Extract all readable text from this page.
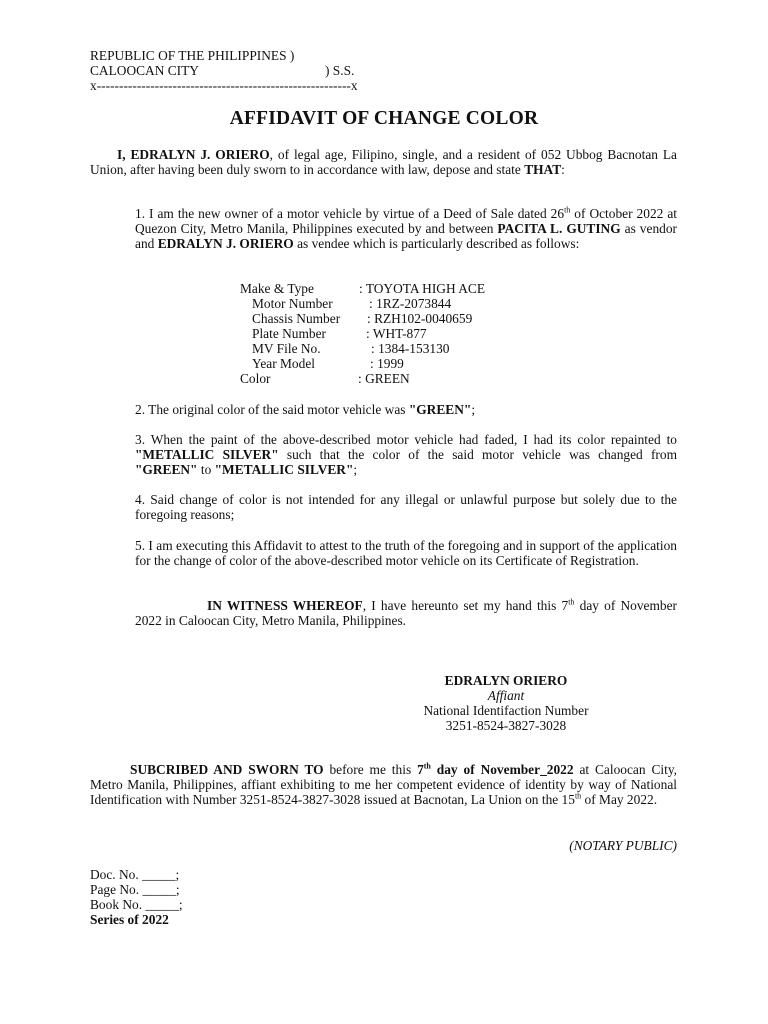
REPUBLIC OF THE PHILIPPINES )
CALOOCAN CITY	) S.S.
x---------------------------------------------------------x
AFFIDAVIT OF CHANGE COLOR
I, EDRALYN J. ORIERO, of legal age, Filipino, single, and a resident of 052 Ubbog Bacnotan La Union, after having been duly sworn to in accordance with law, depose and state THAT:
1. I am the new owner of a motor vehicle by virtue of a Deed of Sale dated 26th of October 2022 at Quezon City, Metro Manila, Philippines executed by and between PACITA L. GUTING as vendor and EDRALYN J. ORIERO as vendee which is particularly described as follows:
Make & Type	: TOYOTA HIGH ACE
Motor Number	: 1RZ-2073844
Chassis Number : RZH102-0040659
Plate Number	: WHT-877
MV File No.	: 1384-153130
Year Model	: 1999
Color	: GREEN
2. The original color of the said motor vehicle was "GREEN";
3. When the paint of the above-described motor vehicle had faded, I had its color repainted to "METALLIC SILVER" such that the color of the said motor vehicle was changed from "GREEN" to "METALLIC SILVER";
4. Said change of color is not intended for any illegal or unlawful purpose but solely due to the foregoing reasons;
5. I am executing this Affidavit to attest to the truth of the foregoing and in support of the application for the change of color of the above-described motor vehicle on its Certificate of Registration.
IN WITNESS WHEREOF, I have hereunto set my hand this 7th day of November 2022 in Caloocan City, Metro Manila, Philippines.
EDRALYN ORIERO
Affiant
National Identifaction Number
3251-8524-3827-3028
SUBCRIBED AND SWORN TO before me this 7th day of November_2022 at Caloocan City, Metro Manila, Philippines, affiant exhibiting to me her competent evidence of identity by way of National Identification with Number 3251-8524-3827-3028 issued at Bacnotan, La Union on the 15th of May 2022.
(NOTARY PUBLIC)
Doc. No. _____;
Page No. _____;
Book No. _____;
Series of 2022
